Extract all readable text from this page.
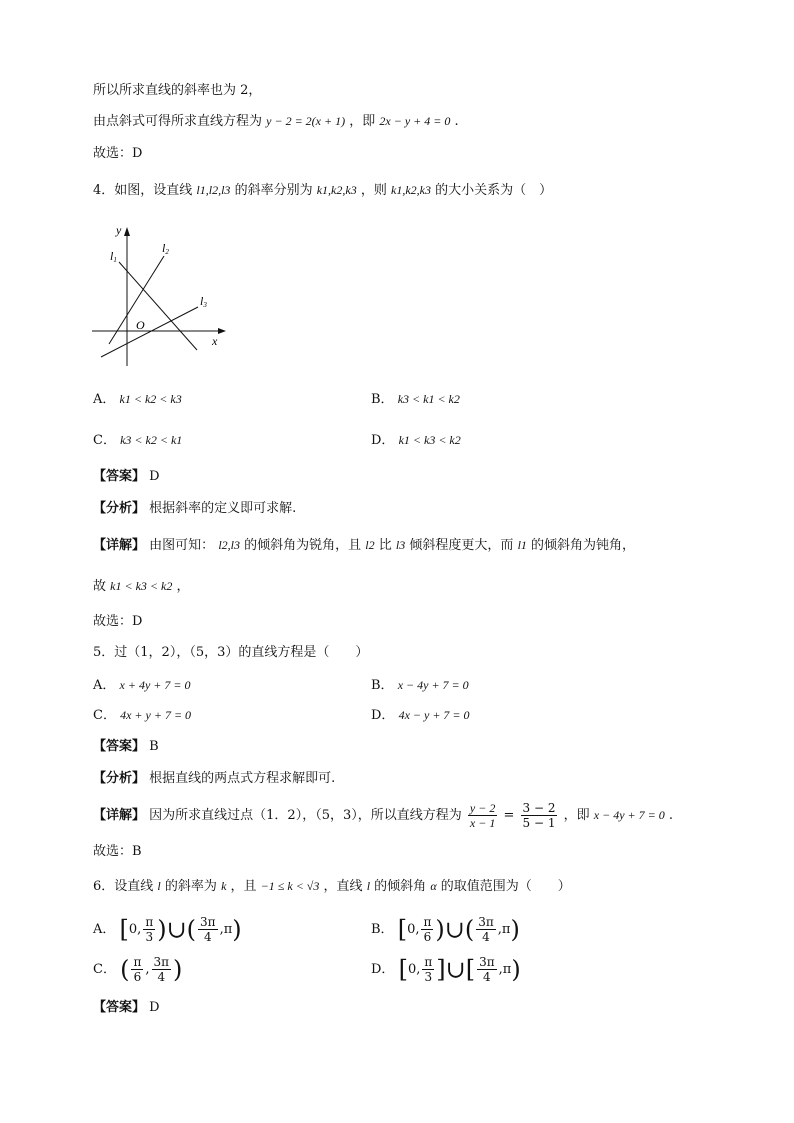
所以所求直线的斜率也为 2，
由点斜式可得所求直线方程为 y − 2 = 2(x + 1) ，即 2x − y + 4 = 0 .
故选：D
4．如图，设直线 l1,l2,l3 的斜率分别为 k1,k2,k3 ，则 k1,k2,k3 的大小关系为（　）
y
x
O
l1
l2
l3
A． k1 < k2 < k3	B． k3 < k1 < k2
C． k3 < k2 < k1	D． k1 < k3 < k2
【答案】 D
【分析】 根据斜率的定义即可求解.
【详解】 由图可知： l2,l3 的倾斜角为锐角，且 l2 比 l3 倾斜程度更大，而 l1 的倾斜角为钝角，
故 k1 < k3 < k2 ，
故选：D
5．过（1，2），（5，3）的直线方程是（　　）
A． x + 4y + 7 = 0	B． x − 4y + 7 = 0
C． 4x + y + 7 = 0	D． 4x − y + 7 = 0
【答案】 B
【分析】 根据直线的两点式方程求解即可.
【详解】 因为所求直线过点（1．2），（5，3），所以直线方程为 $\frac{y - 2}{x - 1} = \frac{3 - 2}{5 - 1}$ ，即 x − 4y + 7 = 0 .
故选：B
6．设直线 l 的斜率为 k ，且 −1 ≤ k < √3 ，直线 l 的倾斜角 α 的取值范围为（　　）
A． [0, $\frac{\pi}{3}$ )∪( $\frac{3\pi}{4} ,\pi$)	B． [0, $\frac{\pi}{6}$ )∪( $\frac{3\pi}{4} ,\pi$)
C． ( $\frac{\pi}{6}$ , $\frac{3\pi}{4}$ )	D． [0, $\frac{\pi}{3}$ ]∪[ $\frac{3\pi}{4} ,\pi$)
【答案】 D
